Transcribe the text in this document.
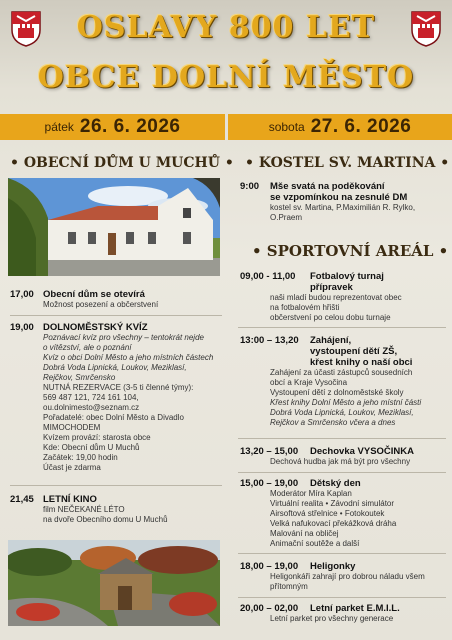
OSLAVY 800 LET
OBCE DOLNÍ MĚSTO
pátek 26. 6. 2026	sobota 27. 6. 2026
• OBECNÍ DŮM U MUCHŮ •
17,00 Obecní dům se otevírá
Možnost posezení a občerstvení
19,00 DOLNOMĚSTSKÝ KVÍZ
Poznávací kvíz pro všechny – tentokrát nejde
o vítězství, ale o poznání
Kvíz o obci Dolní Město a jeho místních částech
Dobrá Voda Lipnická, Loukov, Meziklasí,
Rejčkov, Smrčensko
NUTNÁ REZERVACE (3-5 ti členné týmy):
569 487 121, 724 161 104,
ou.dolnimesto@seznam.cz
Pořadatelé: obec Dolní Město a Divadlo
MIMOCHODEM
Kvízem provází: starosta obce
Kde: Obecní dům U Muchů
Začátek: 19,00 hodin
Účast je zdarma
21,45 LETNÍ KINO
film NEČEKANÉ LÉTO
na dvoře Obecního domu U Muchů
• KOSTEL SV. MARTINA •
9:00	Mše svatá na poděkování
se vzpomínkou na zesnulé DM
kostel sv. Martina, P.Maximilián R. Rylko,
O.Praem
• SPORTOVNÍ AREÁL •
09,00 - 11,00	Fotbalový turnaj
přípravek
naši mladí budou reprezentovat obec
na fotbalovém hřišti
občerstvení po celou dobu turnaje
13:00 – 13,20	Zahájení,
vystoupení dětí ZŠ,
křest knihy o naší obci
Zahájení za účasti zástupců sousedních
obcí a Kraje Vysočina
Vystoupení dětí z dolnoměstské školy
Křest knihy Dolní Město a jeho místní části
Dobrá Voda Lipnická, Loukov, Meziklasí,
Rejčkov a Smrčensko včera a dnes
13,20 – 15,00	Dechovka VYSOČINKA
Dechová hudba jak má být pro všechny
15,00 – 19,00	Dětský den
Moderátor Míra Kaplan
Virtuální realita • Závodní simulátor
Airsoftová střelnice • Fotokoutek
Velká nafukovací překážková dráha
Malování na obličej
Animační soutěže a další
18,00 – 19,00	Heligonky
Heligonkáři zahrají pro dobrou náladu všem
přítomným
20,00 – 02,00	Letní parket E.M.I.L.
Letní parket pro všechny generace
